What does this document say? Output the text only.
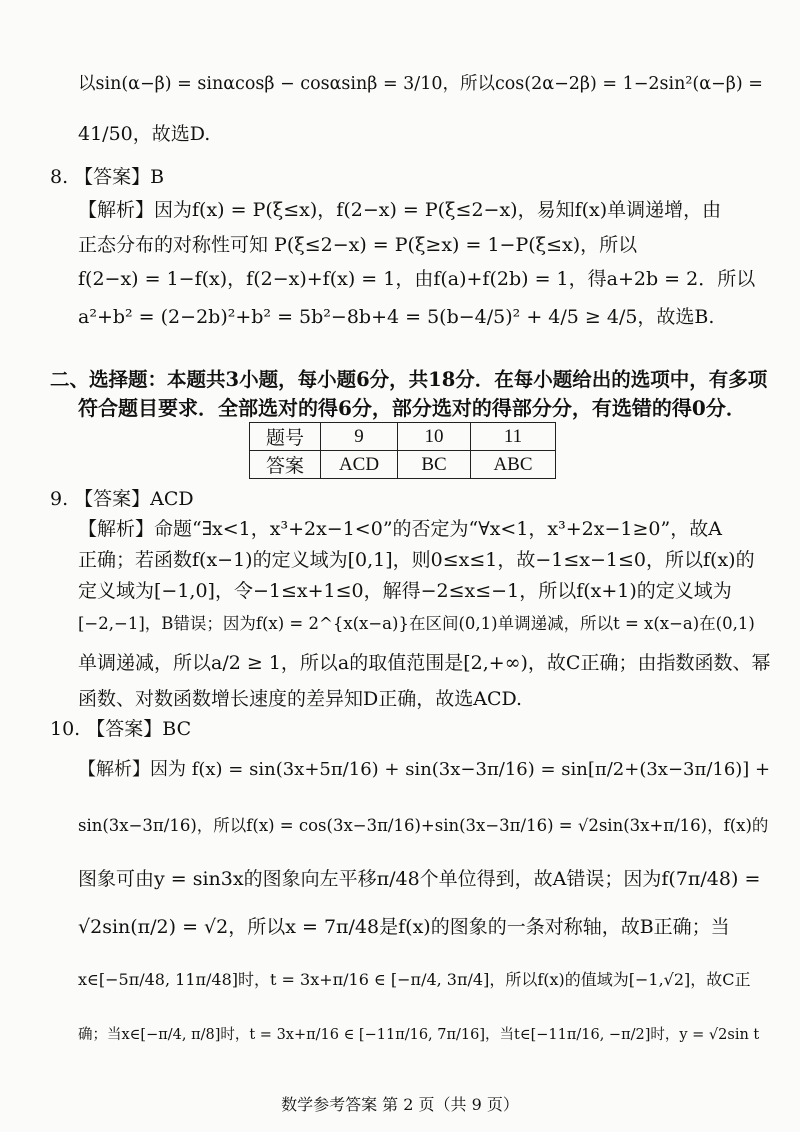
以sin(α−β) = sinαcosβ − cosαsinβ = 3/10，所以cos(2α−2β) = 1−2sin²(α−β) =
41/50，故选D.
8. 【答案】B
【解析】因为f(x) = P(ξ≤x)，f(2−x) = P(ξ≤2−x)，易知f(x)单调递增，由
正态分布的对称性可知 P(ξ≤2−x) = P(ξ≥x) = 1−P(ξ≤x)，所以
f(2−x) = 1−f(x)，f(2−x)+f(x) = 1，由f(a)+f(2b) = 1，得a+2b = 2．所以
a²+b² = (2−2b)²+b² = 5b²−8b+4 = 5(b−4/5)² + 4/5 ≥ 4/5，故选B.
二、选择题：本题共3小题，每小题6分，共18分．在每小题给出的选项中，有多项
符合题目要求．全部选对的得6分，部分选对的得部分分，有选错的得0分．
题号	9	10	11
答案	ACD	BC	ABC
9. 【答案】ACD
【解析】命题“∃x<1，x³+2x−1<0”的否定为“∀x<1，x³+2x−1≥0”，故A
正确；若函数f(x−1)的定义域为[0,1]，则0≤x≤1，故−1≤x−1≤0，所以f(x)的
定义域为[−1,0]，令−1≤x+1≤0，解得−2≤x≤−1，所以f(x+1)的定义域为
[−2,−1]，B错误；因为f(x) = 2^{x(x−a)}在区间(0,1)单调递减，所以t = x(x−a)在(0,1)
单调递减，所以a/2 ≥ 1，所以a的取值范围是[2,+∞)，故C正确；由指数函数、幂
函数、对数函数增长速度的差异知D正确，故选ACD.
10. 【答案】BC
【解析】因为 f(x) = sin(3x+5π/16) + sin(3x−3π/16) = sin[π/2+(3x−3π/16)] +
sin(3x−3π/16)，所以f(x) = cos(3x−3π/16)+sin(3x−3π/16) = √2sin(3x+π/16)，f(x)的
图象可由y = sin3x的图象向左平移π/48个单位得到，故A错误；因为f(7π/48) =
√2sin(π/2) = √2，所以x = 7π/48是f(x)的图象的一条对称轴，故B正确；当
x∈[−5π/48, 11π/48]时，t = 3x+π/16 ∈ [−π/4, 3π/4]，所以f(x)的值域为[−1,√2]，故C正
确；当x∈[−π/4, π/8]时，t = 3x+π/16 ∈ [−11π/16, 7π/16]，当t∈[−11π/16, −π/2]时，y = √2sin t
数学参考答案 第 2 页（共 9 页）
